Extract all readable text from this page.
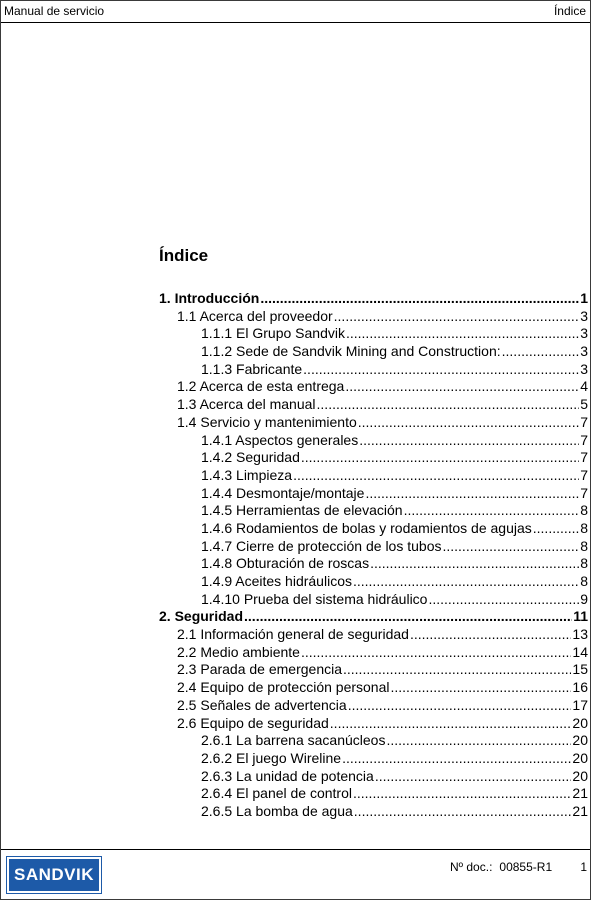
Manual de servicio	Índice
Índice
1. Introducción .....	1
1.1 Acerca del proveedor .....	3
1.1.1 El Grupo Sandvik .....	3
1.1.2 Sede de Sandvik Mining and Construction: .....	3
1.1.3 Fabricante .....	3
1.2 Acerca de esta entrega .....	4
1.3 Acerca del manual .....	5
1.4 Servicio y mantenimiento .....	7
1.4.1 Aspectos generales .....	7
1.4.2 Seguridad .....	7
1.4.3 Limpieza .....	7
1.4.4 Desmontaje/montaje .....	7
1.4.5 Herramientas de elevación .....	8
1.4.6 Rodamientos de bolas y rodamientos de agujas .....	8
1.4.7 Cierre de protección de los tubos .....	8
1.4.8 Obturación de roscas .....	8
1.4.9 Aceites hidráulicos .....	8
1.4.10 Prueba del sistema hidráulico .....	9
2. Seguridad .....	11
2.1 Información general de seguridad .....	13
2.2 Medio ambiente .....	14
2.3 Parada de emergencia .....	15
2.4 Equipo de protección personal .....	16
2.5 Señales de advertencia .....	17
2.6 Equipo de seguridad .....	20
2.6.1 La barrena sacanúcleos .....	20
2.6.2 El juego Wireline .....	20
2.6.3 La unidad de potencia .....	20
2.6.4 El panel de control .....	21
2.6.5 La bomba de agua .....	21
SANDVIK	Nº doc.: 00855-R1 1
